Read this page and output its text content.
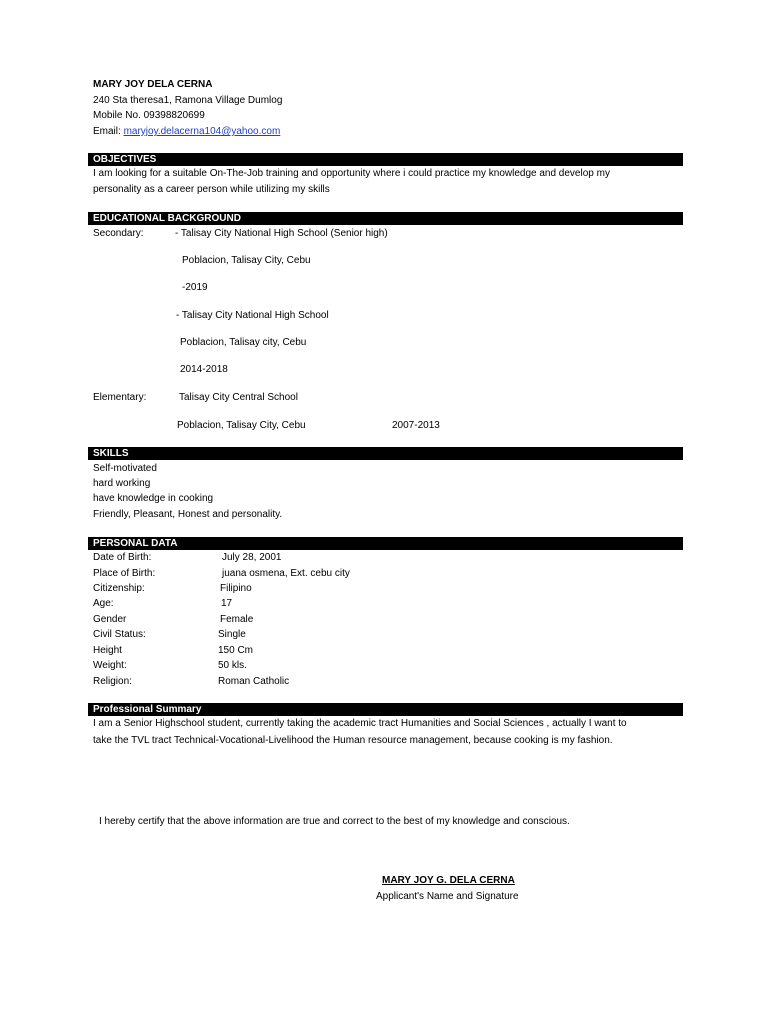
MARY JOY DELA CERNA
240 Sta theresa1, Ramona Village Dumlog
Mobile No. 09398820699
Email: maryjoy.delacerna104@yahoo.com
OBJECTIVES
I am looking for a suitable On-The-Job training and opportunity where i could practice my knowledge and develop my
personality as a career person while utilizing my skills
EDUCATIONAL BACKGROUND
Secondary:	- Talisay City National High School (Senior high)
Poblacion, Talisay City, Cebu
-2019
- Talisay City National High School
Poblacion, Talisay city, Cebu
2014-2018
Elementary:	Talisay City Central School
Poblacion, Talisay City, Cebu	2007-2013
SKILLS
Self-motivated
hard working
have knowledge in cooking
Friendly, Pleasant, Honest and personality.
PERSONAL DATA
Date of Birth:	July 28, 2001
Place of Birth:	juana osmena, Ext. cebu city
Citizenship:	Filipino
Age:	17
Gender	Female
Civil Status:	Single
Height	150 Cm
Weight:	50 kls.
Religion:	Roman Catholic
Professional Summary
I am a Senior Highschool student, currently taking the academic tract Humanities and Social Sciences , actually I want to
take the TVL tract Technical-Vocational-Livelihood the Human resource management, because cooking is my fashion.
I hereby certify that the above information are true and correct to the best of my knowledge and conscious.
MARY JOY G. DELA CERNA
Applicant's Name and Signature
